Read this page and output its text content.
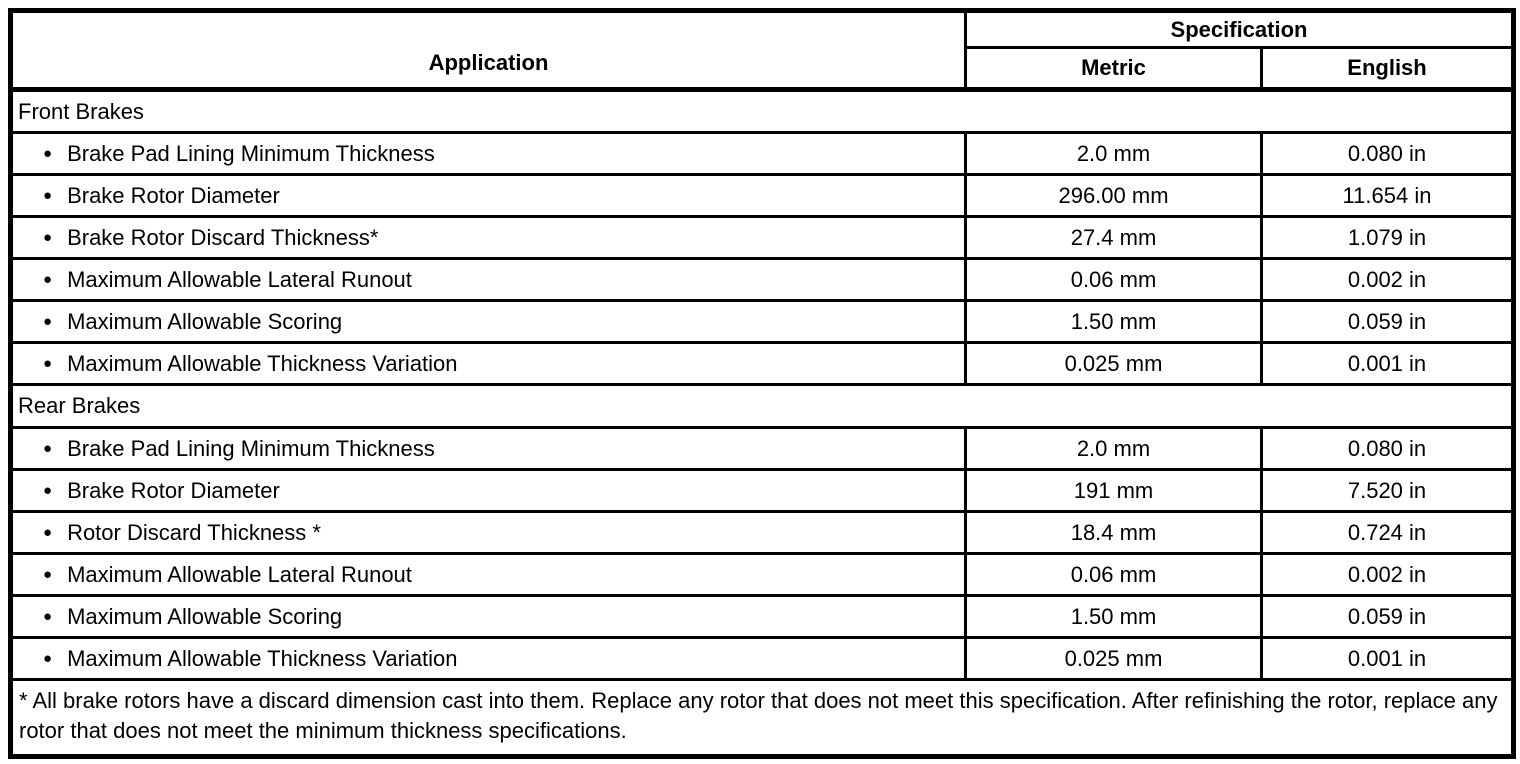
Application	Specification	
	Metric	English
Front Brakes		
● Brake Pad Lining Minimum Thickness	2.0 mm	0.080 in
● Brake Rotor Diameter	296.00 mm	11.654 in
● Brake Rotor Discard Thickness*	27.4 mm	1.079 in
● Maximum Allowable Lateral Runout	0.06 mm	0.002 in
● Maximum Allowable Scoring	1.50 mm	0.059 in
● Maximum Allowable Thickness Variation	0.025 mm	0.001 in
Rear Brakes		
● Brake Pad Lining Minimum Thickness	2.0 mm	0.080 in
● Brake Rotor Diameter	191 mm	7.520 in
● Rotor Discard Thickness *	18.4 mm	0.724 in
● Maximum Allowable Lateral Runout	0.06 mm	0.002 in
● Maximum Allowable Scoring	1.50 mm	0.059 in
● Maximum Allowable Thickness Variation	0.025 mm	0.001 in
* All brake rotors have a discard dimension cast into them. Replace any rotor that does not meet this specification. After refinishing the rotor, replace any rotor that does not meet the minimum thickness specifications.		
